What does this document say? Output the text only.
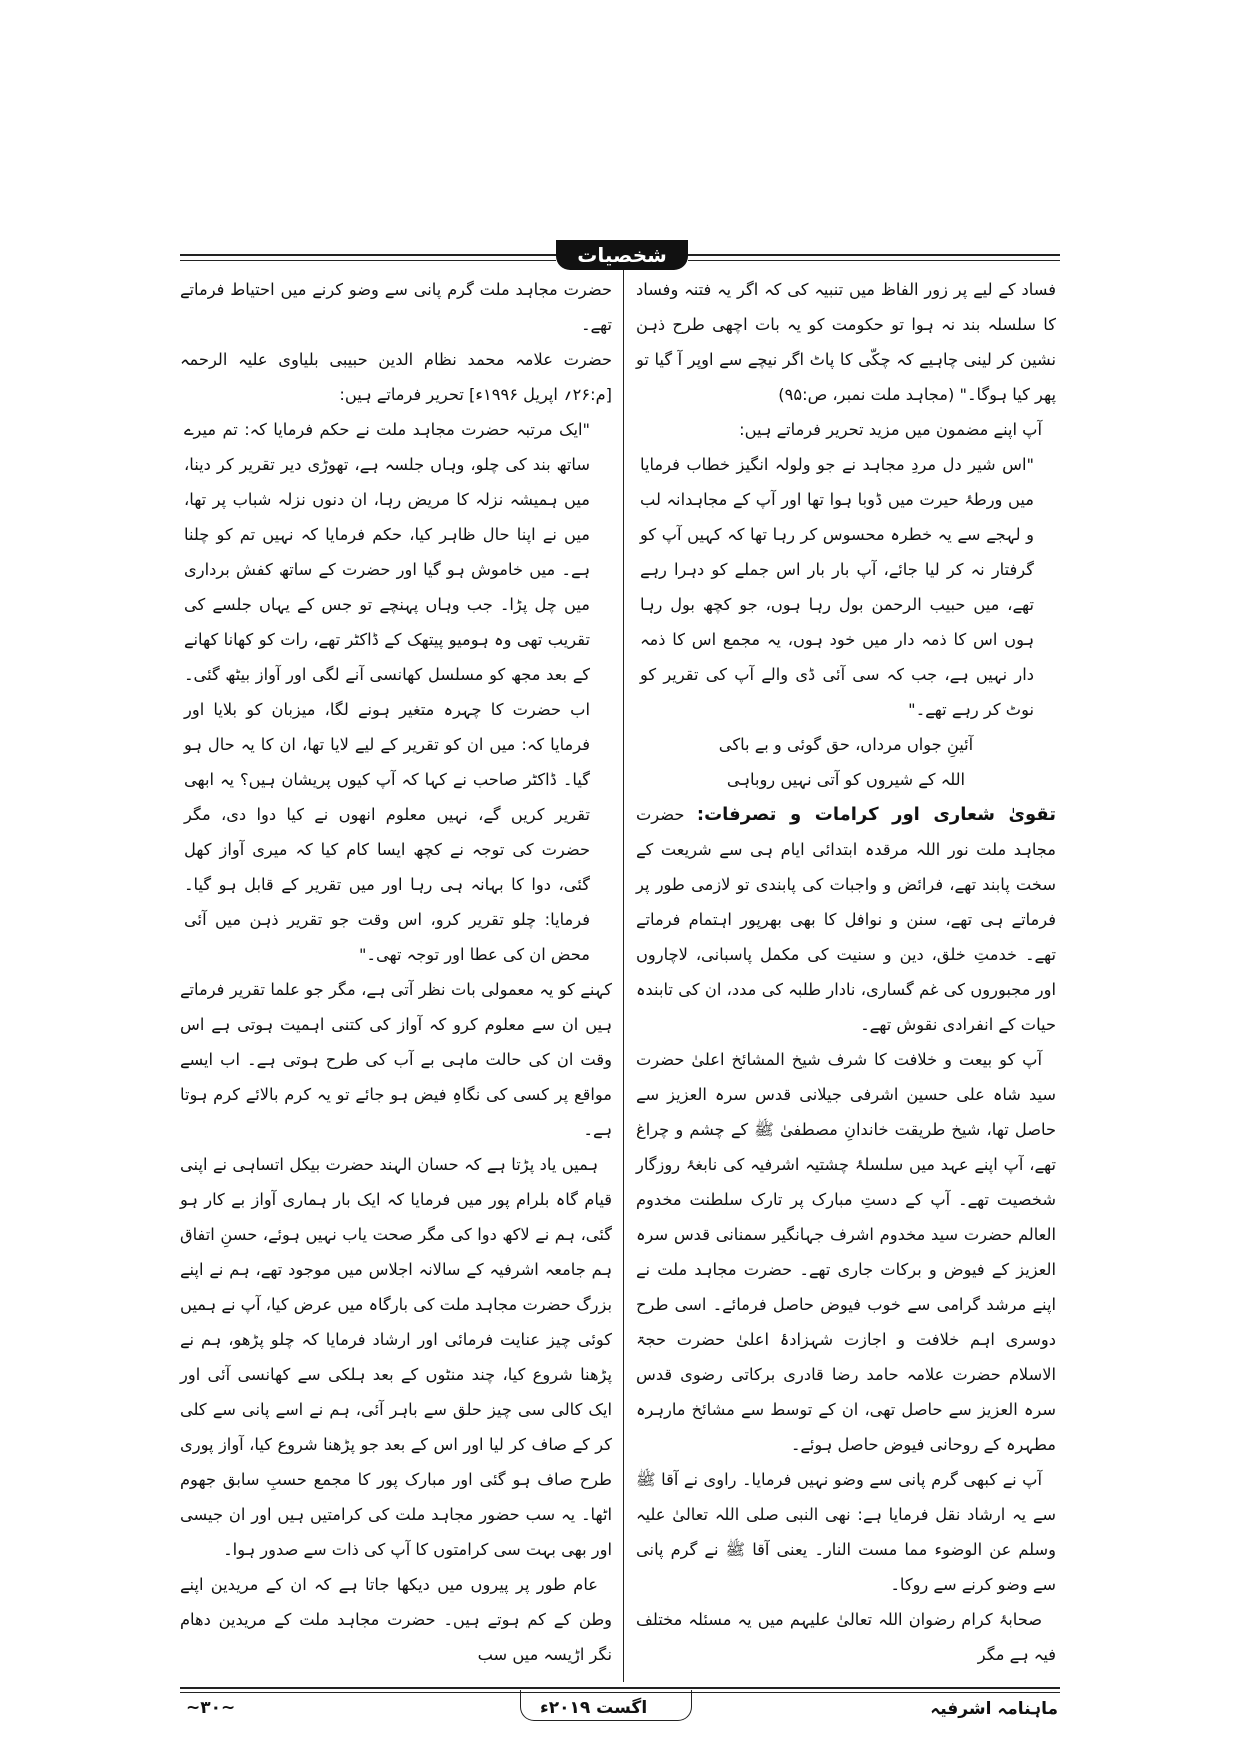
شخصیات

فساد کے لیے پر زور الفاظ میں تنبیہ کی کہ اگر یہ فتنہ وفساد کا سلسلہ بند نہ ہوا تو حکومت کو یہ بات اچھی طرح ذہن نشین کر لینی چاہیے کہ چکّی کا پاٹ اگر نیچے سے اوپر آ گیا تو پھر کیا ہوگا۔" (مجاہد ملت نمبر، ص:۹۵)

آپ اپنے مضمون میں مزید تحریر فرماتے ہیں:

"اس شیر دل مردِ مجاہد نے جو ولولہ انگیز خطاب فرمایا میں ورطۂ حیرت میں ڈوبا ہوا تھا اور آپ کے مجاہدانہ لب و لہجے سے یہ خطرہ محسوس کر رہا تھا کہ کہیں آپ کو گرفتار نہ کر لیا جائے، آپ بار بار اس جملے کو دہرا رہے تھے، میں حبیب الرحمن بول رہا ہوں، جو کچھ بول رہا ہوں اس کا ذمہ دار میں خود ہوں، یہ مجمع اس کا ذمہ دار نہیں ہے، جب کہ سی آئی ڈی والے آپ کی تقریر کو نوٹ کر رہے تھے۔"

آئینِ جواں مرداں، حق گوئی و بے باکی

اللہ کے شیروں کو آتی نہیں روباہی

تقویٰ شعاری اور کرامات و تصرفات: حضرت مجاہد ملت نور اللہ مرقدہ ابتدائی ایام ہی سے شریعت کے سخت پابند تھے، فرائض و واجبات کی پابندی تو لازمی طور پر فرماتے ہی تھے، سنن و نوافل کا بھی بھرپور اہتمام فرماتے تھے۔ خدمتِ خلق، دین و سنیت کی مکمل پاسبانی، لاچاروں اور مجبوروں کی غم گساری، نادار طلبہ کی مدد، ان کی تابندہ حیات کے انفرادی نقوش تھے۔

آپ کو بیعت و خلافت کا شرف شیخ المشائخ اعلیٰ حضرت سید شاہ علی حسین اشرفی جیلانی قدس سرہ العزیز سے حاصل تھا، شیخ طریقت خاندانِ مصطفیٰ ﷺ کے چشم و چراغ تھے، آپ اپنے عہد میں سلسلۂ چشتیہ اشرفیہ کی نابغۂ روزگار شخصیت تھے۔ آپ کے دستِ مبارک پر تارک سلطنت مخدوم العالم حضرت سید مخدوم اشرف جہانگیر سمنانی قدس سرہ العزیز کے فیوض و برکات جاری تھے۔ حضرت مجاہد ملت نے اپنے مرشد گرامی سے خوب فیوض حاصل فرمائے۔ اسی طرح دوسری اہم خلافت و اجازت شہزادۂ اعلیٰ حضرت حجۃ الاسلام حضرت علامہ حامد رضا قادری برکاتی رضوی قدس سرہ العزیز سے حاصل تھی، ان کے توسط سے مشائخ مارہرہ مطہرہ کے روحانی فیوض حاصل ہوئے۔

آپ نے کبھی گرم پانی سے وضو نہیں فرمایا۔ راوی نے آقا ﷺ سے یہ ارشاد نقل فرمایا ہے: نھی النبی صلی اللہ تعالیٰ علیہ وسلم عن الوضوء مما مست النار۔ یعنی آقا ﷺ نے گرم پانی سے وضو کرنے سے روکا۔

صحابۂ کرام رضوان اللہ تعالیٰ علیہم میں یہ مسئلہ مختلف فیہ ہے مگر

حضرت مجاہد ملت گرم پانی سے وضو کرنے میں احتیاط فرماتے تھے۔

حضرت علامہ محمد نظام الدین حبیبی بلیاوی علیہ الرحمہ [م:۲۶؍ اپریل ۱۹۹۶ء] تحریر فرماتے ہیں:

"ایک مرتبہ حضرت مجاہد ملت نے حکم فرمایا کہ: تم میرے ساتھ بند کی چلو، وہاں جلسہ ہے، تھوڑی دیر تقریر کر دینا، میں ہمیشہ نزلہ کا مریض رہا، ان دنوں نزلہ شباب پر تھا، میں نے اپنا حال ظاہر کیا، حکم فرمایا کہ نہیں تم کو چلنا ہے۔ میں خاموش ہو گیا اور حضرت کے ساتھ کفش برداری میں چل پڑا۔ جب وہاں پہنچے تو جس کے یہاں جلسے کی تقریب تھی وہ ہومیو پیتھک کے ڈاکٹر تھے، رات کو کھانا کھانے کے بعد مجھ کو مسلسل کھانسی آنے لگی اور آواز بیٹھ گئی۔ اب حضرت کا چہرہ متغیر ہونے لگا، میزبان کو بلایا اور فرمایا کہ: میں ان کو تقریر کے لیے لایا تھا، ان کا یہ حال ہو گیا۔ ڈاکٹر صاحب نے کہا کہ آپ کیوں پریشان ہیں؟ یہ ابھی تقریر کریں گے، نہیں معلوم انھوں نے کیا دوا دی، مگر حضرت کی توجہ نے کچھ ایسا کام کیا کہ میری آواز کھل گئی، دوا کا بہانہ ہی رہا اور میں تقریر کے قابل ہو گیا۔ فرمایا: چلو تقریر کرو، اس وقت جو تقریر ذہن میں آئی محض ان کی عطا اور توجہ تھی۔"

کہنے کو یہ معمولی بات نظر آتی ہے، مگر جو علما تقریر فرماتے ہیں ان سے معلوم کرو کہ آواز کی کتنی اہمیت ہوتی ہے اس وقت ان کی حالت ماہی بے آب کی طرح ہوتی ہے۔ اب ایسے مواقع پر کسی کی نگاہِ فیض ہو جائے تو یہ کرم بالائے کرم ہوتا ہے۔

ہمیں یاد پڑتا ہے کہ حسان الہند حضرت بیکل اتساہی نے اپنی قیام گاہ بلرام پور میں فرمایا کہ ایک بار ہماری آواز بے کار ہو گئی، ہم نے لاکھ دوا کی مگر صحت یاب نہیں ہوئے، حسنِ اتفاق ہم جامعہ اشرفیہ کے سالانہ اجلاس میں موجود تھے، ہم نے اپنے بزرگ حضرت مجاہد ملت کی بارگاہ میں عرض کیا، آپ نے ہمیں کوئی چیز عنایت فرمائی اور ارشاد فرمایا کہ چلو پڑھو، ہم نے پڑھنا شروع کیا، چند منٹوں کے بعد ہلکی سے کھانسی آئی اور ایک کالی سی چیز حلق سے باہر آئی، ہم نے اسے پانی سے کلی کر کے صاف کر لیا اور اس کے بعد جو پڑھنا شروع کیا، آواز پوری طرح صاف ہو گئی اور مبارک پور کا مجمع حسبِ سابق جھوم اٹھا۔ یہ سب حضور مجاہد ملت کی کرامتیں ہیں اور ان جیسی اور بھی بہت سی کرامتوں کا آپ کی ذات سے صدور ہوا۔

عام طور پر پیروں میں دیکھا جاتا ہے کہ ان کے مریدین اپنے وطن کے کم ہوتے ہیں۔ حضرت مجاہد ملت کے مریدین دھام نگر اڑیسہ میں سب

ماہنامہ اشرفیہ
اگست ۲۰۱۹ء
~۳۰~
